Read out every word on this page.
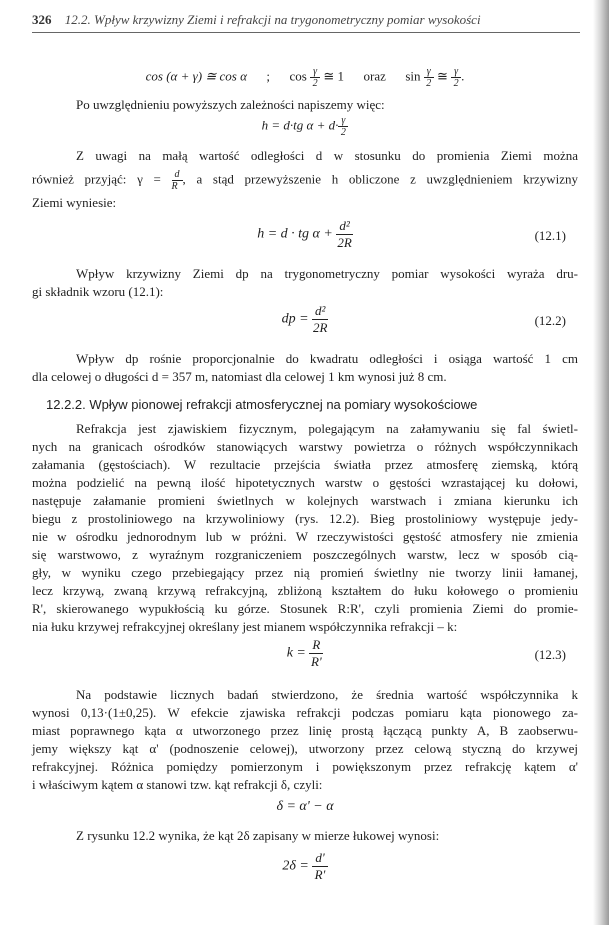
326 12.2. Wpływ krzywizny Ziemi i refrakcji na trygonometryczny pomiar wysokości
cos (α + γ) ≅ cos α ; $\cos \frac{\gamma}{2}$ ≅ 1 oraz $\sin \frac{\gamma}{2}$ ≅ $\frac{\gamma}{2}$ .
Po uwzględnieniu powyższych zależności napiszemy więc:
h = d·tg $\alpha + d\cdot \frac{\gamma}{2}$
Z uwagi na małą wartość odległości d w stosunku do promienia Ziemi można
również przyjąć: $\gamma = \frac{d}{R}$ , a stąd przewyższenie h obliczone z uwzględnieniem krzywizny
Ziemi wyniesie:
h = d · tg $\alpha + \frac{\text{d²}}{2R}$	(12.1)
Wpływ krzywizny Ziemi dp na trygonometryczny pomiar wysokości wyraża dru-
gi składnik wzoru (12.1):
dp = $\frac{\text{d²}}{2R}$	(12.2)
Wpływ dp rośnie proporcjonalnie do kwadratu odległości i osiąga wartość 1 cm
dla celowej o długości d = 357 m, natomiast dla celowej 1 km wynosi już 8 cm.
12.2.2. Wpływ pionowej refrakcji atmosferycznej na pomiary wysokościowe
Refrakcja jest zjawiskiem fizycznym, polegającym na załamywaniu się fal świetl-
nych na granicach ośrodków stanowiących warstwy powietrza o różnych współczynnikach
załamania (gęstościach). W rezultacie przejścia światła przez atmosferę ziemską, którą
można podzielić na pewną ilość hipotetycznych warstw o gęstości wzrastającej ku dołowi,
następuje załamanie promieni świetlnych w kolejnych warstwach i zmiana kierunku ich
biegu z prostoliniowego na krzywoliniowy (rys. 12.2). Bieg prostoliniowy występuje jedy-
nie w ośrodku jednorodnym lub w próżni. W rzeczywistości gęstość atmosfery nie zmienia
się warstwowo, z wyraźnym rozgraniczeniem poszczególnych warstw, lecz w sposób cią-
gły, w wyniku czego przebiegający przez nią promień świetlny nie tworzy linii łamanej,
lecz krzywą, zwaną krzywą refrakcyjną, zbliżoną kształtem do łuku kołowego o promieniu
R', skierowanego wypukłością ku górze. Stosunek R:R', czyli promienia Ziemi do promie-
nia łuku krzywej refrakcyjnej określany jest mianem współczynnika refrakcji – k:
$k = \frac{R}{R'}$	(12.3)
Na podstawie licznych badań stwierdzono, że średnia wartość współczynnika k
wynosi 0,13·(1±0,25). W efekcie zjawiska refrakcji podczas pomiaru kąta pionowego za-
miast poprawnego kąta α utworzonego przez linię prostą łączącą punkty A, B zaobserwu-
jemy większy kąt α' (podnoszenie celowej), utworzony przez celową styczną do krzywej
refrakcyjnej. Różnica pomiędzy pomierzonym i powiększonym przez refrakcję kątem α'
i właściwym kątem α stanowi tzw. kąt refrakcji δ, czyli:
δ = α' − α
Z rysunku 12.2 wynika, że kąt 2δ zapisany w mierze łukowej wynosi:
$2\delta = \frac{d'}{R'}$
